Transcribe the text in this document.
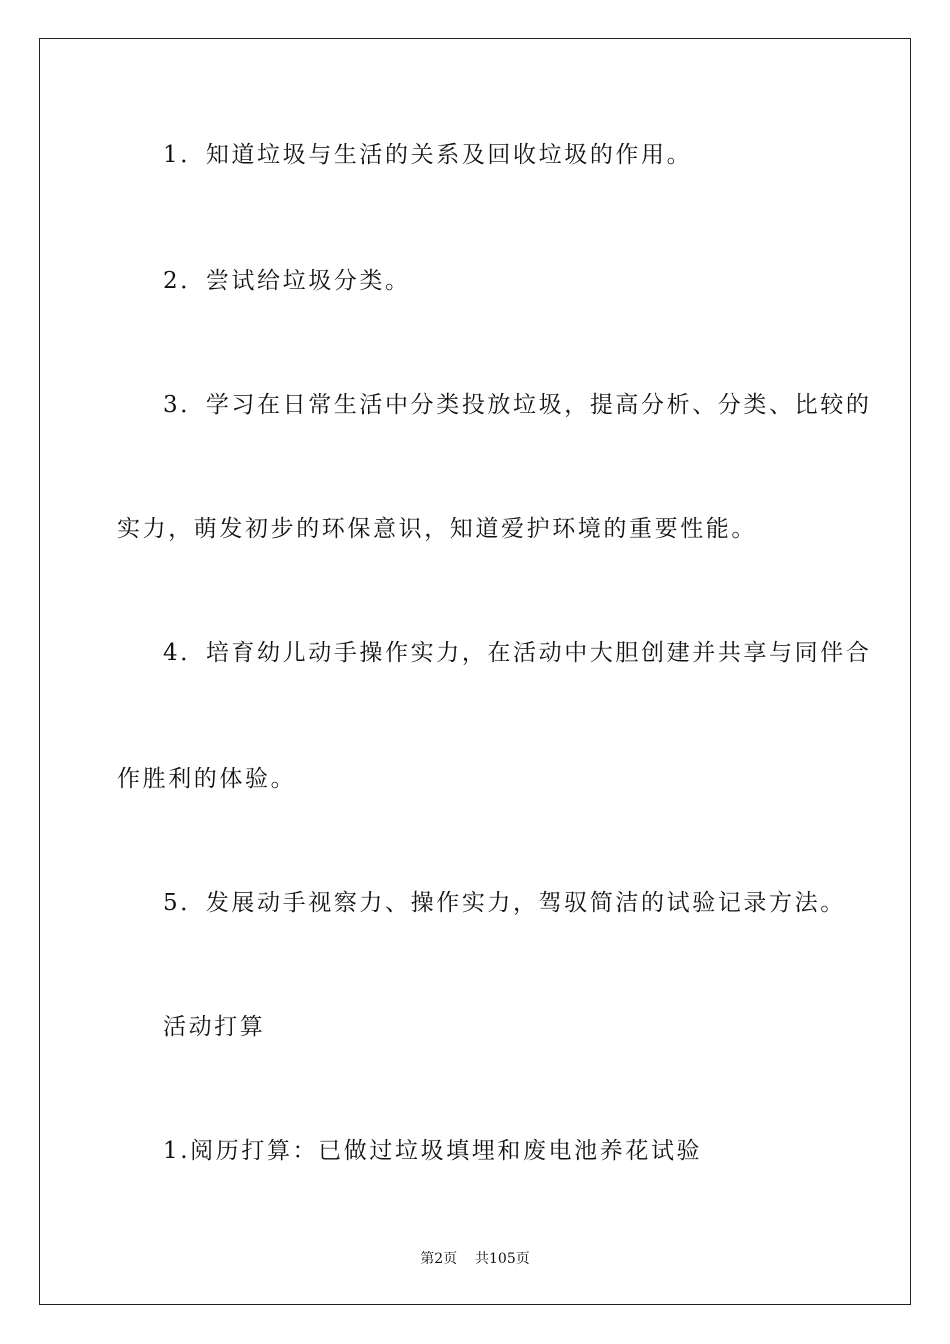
1．知道垃圾与生活的关系及回收垃圾的作用。
2．尝试给垃圾分类。
3．学习在日常生活中分类投放垃圾，提高分析、分类、比较的
实力，萌发初步的环保意识，知道爱护环境的重要性能。
4．培育幼儿动手操作实力，在活动中大胆创建并共享与同伴合
作胜利的体验。
5．发展动手视察力、操作实力，驾驭简洁的试验记录方法。
活动打算
1.阅历打算：已做过垃圾填埋和废电池养花试验
第2页 共105页
